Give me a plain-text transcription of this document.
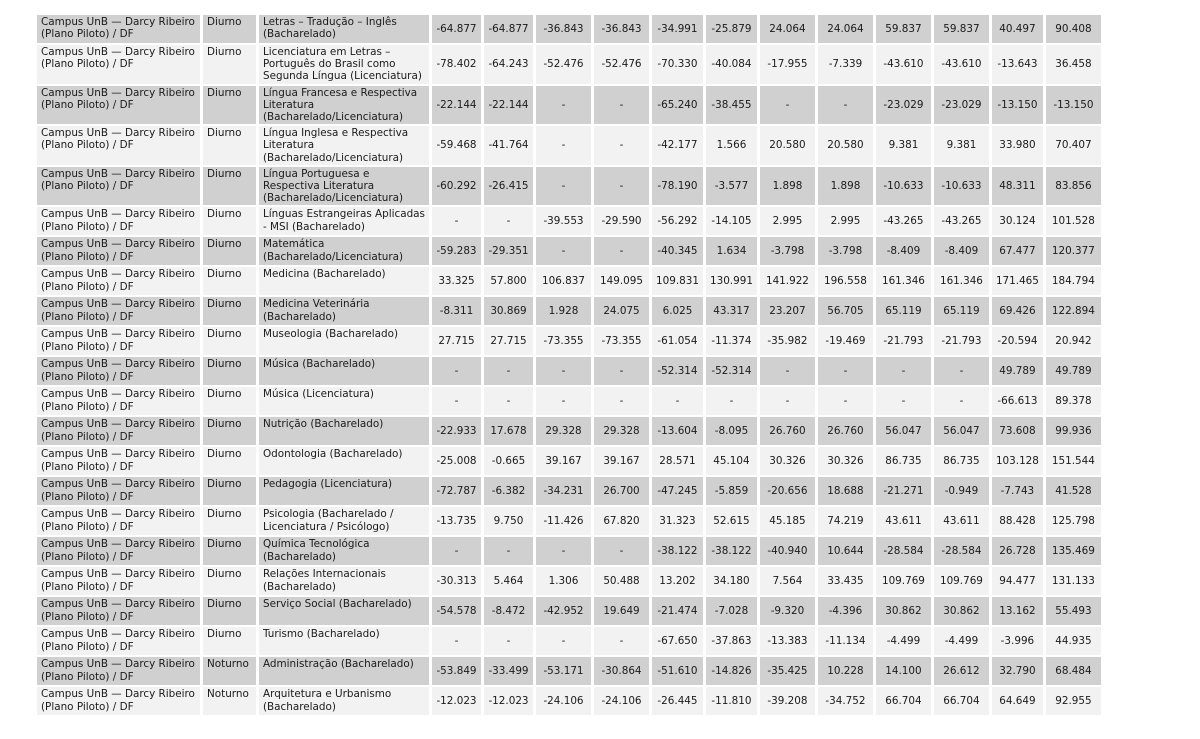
Campus UnB — Darcy Ribeiro (Plano Piloto) / DF	Diurno	Letras – Tradução – Inglês (Bacharelado)	-64.877	-64.877	-36.843	-36.843	-34.991	-25.879	24.064	24.064	59.837	59.837	40.497	90.408
Campus UnB — Darcy Ribeiro (Plano Piloto) / DF	Diurno	Licenciatura em Letras – Português do Brasil como Segunda Língua (Licenciatura)	-78.402	-64.243	-52.476	-52.476	-70.330	-40.084	-17.955	-7.339	-43.610	-43.610	-13.643	36.458
Campus UnB — Darcy Ribeiro (Plano Piloto) / DF	Diurno	Língua Francesa e Respectiva Literatura (Bacharelado/Licenciatura)	-22.144	-22.144	-	-	-65.240	-38.455	-	-	-23.029	-23.029	-13.150	-13.150
Campus UnB — Darcy Ribeiro (Plano Piloto) / DF	Diurno	Língua Inglesa e Respectiva Literatura (Bacharelado/Licenciatura)	-59.468	-41.764	-	-	-42.177	1.566	20.580	20.580	9.381	9.381	33.980	70.407
Campus UnB — Darcy Ribeiro (Plano Piloto) / DF	Diurno	Língua Portuguesa e Respectiva Literatura (Bacharelado/Licenciatura)	-60.292	-26.415	-	-	-78.190	-3.577	1.898	1.898	-10.633	-10.633	48.311	83.856
Campus UnB — Darcy Ribeiro (Plano Piloto) / DF	Diurno	Línguas Estrangeiras Aplicadas - MSI (Bacharelado)	-	-	-39.553	-29.590	-56.292	-14.105	2.995	2.995	-43.265	-43.265	30.124	101.528
Campus UnB — Darcy Ribeiro (Plano Piloto) / DF	Diurno	Matemática (Bacharelado/Licenciatura)	-59.283	-29.351	-	-	-40.345	1.634	-3.798	-3.798	-8.409	-8.409	67.477	120.377
Campus UnB — Darcy Ribeiro (Plano Piloto) / DF	Diurno	Medicina (Bacharelado)	33.325	57.800	106.837	149.095	109.831	130.991	141.922	196.558	161.346	161.346	171.465	184.794
Campus UnB — Darcy Ribeiro (Plano Piloto) / DF	Diurno	Medicina Veterinária (Bacharelado)	-8.311	30.869	1.928	24.075	6.025	43.317	23.207	56.705	65.119	65.119	69.426	122.894
Campus UnB — Darcy Ribeiro (Plano Piloto) / DF	Diurno	Museologia (Bacharelado)	27.715	27.715	-73.355	-73.355	-61.054	-11.374	-35.982	-19.469	-21.793	-21.793	-20.594	20.942
Campus UnB — Darcy Ribeiro (Plano Piloto) / DF	Diurno	Música (Bacharelado)	-	-	-	-	-52.314	-52.314	-	-	-	-	49.789	49.789
Campus UnB — Darcy Ribeiro (Plano Piloto) / DF	Diurno	Música (Licenciatura)	-	-	-	-	-	-	-	-	-	-	-66.613	89.378
Campus UnB — Darcy Ribeiro (Plano Piloto) / DF	Diurno	Nutrição (Bacharelado)	-22.933	17.678	29.328	29.328	-13.604	-8.095	26.760	26.760	56.047	56.047	73.608	99.936
Campus UnB — Darcy Ribeiro (Plano Piloto) / DF	Diurno	Odontologia (Bacharelado)	-25.008	-0.665	39.167	39.167	28.571	45.104	30.326	30.326	86.735	86.735	103.128	151.544
Campus UnB — Darcy Ribeiro (Plano Piloto) / DF	Diurno	Pedagogia (Licenciatura)	-72.787	-6.382	-34.231	26.700	-47.245	-5.859	-20.656	18.688	-21.271	-0.949	-7.743	41.528
Campus UnB — Darcy Ribeiro (Plano Piloto) / DF	Diurno	Psicologia (Bacharelado / Licenciatura / Psicólogo)	-13.735	9.750	-11.426	67.820	31.323	52.615	45.185	74.219	43.611	43.611	88.428	125.798
Campus UnB — Darcy Ribeiro (Plano Piloto) / DF	Diurno	Química Tecnológica (Bacharelado)	-	-	-	-	-38.122	-38.122	-40.940	10.644	-28.584	-28.584	26.728	135.469
Campus UnB — Darcy Ribeiro (Plano Piloto) / DF	Diurno	Relações Internacionais (Bacharelado)	-30.313	5.464	1.306	50.488	13.202	34.180	7.564	33.435	109.769	109.769	94.477	131.133
Campus UnB — Darcy Ribeiro (Plano Piloto) / DF	Diurno	Serviço Social (Bacharelado)	-54.578	-8.472	-42.952	19.649	-21.474	-7.028	-9.320	-4.396	30.862	30.862	13.162	55.493
Campus UnB — Darcy Ribeiro (Plano Piloto) / DF	Diurno	Turismo (Bacharelado)	-	-	-	-	-67.650	-37.863	-13.383	-11.134	-4.499	-4.499	-3.996	44.935
Campus UnB — Darcy Ribeiro (Plano Piloto) / DF	Noturno	Administração (Bacharelado)	-53.849	-33.499	-53.171	-30.864	-51.610	-14.826	-35.425	10.228	14.100	26.612	32.790	68.484
Campus UnB — Darcy Ribeiro (Plano Piloto) / DF	Noturno	Arquitetura e Urbanismo (Bacharelado)	-12.023	-12.023	-24.106	-24.106	-26.445	-11.810	-39.208	-34.752	66.704	66.704	64.649	92.955
